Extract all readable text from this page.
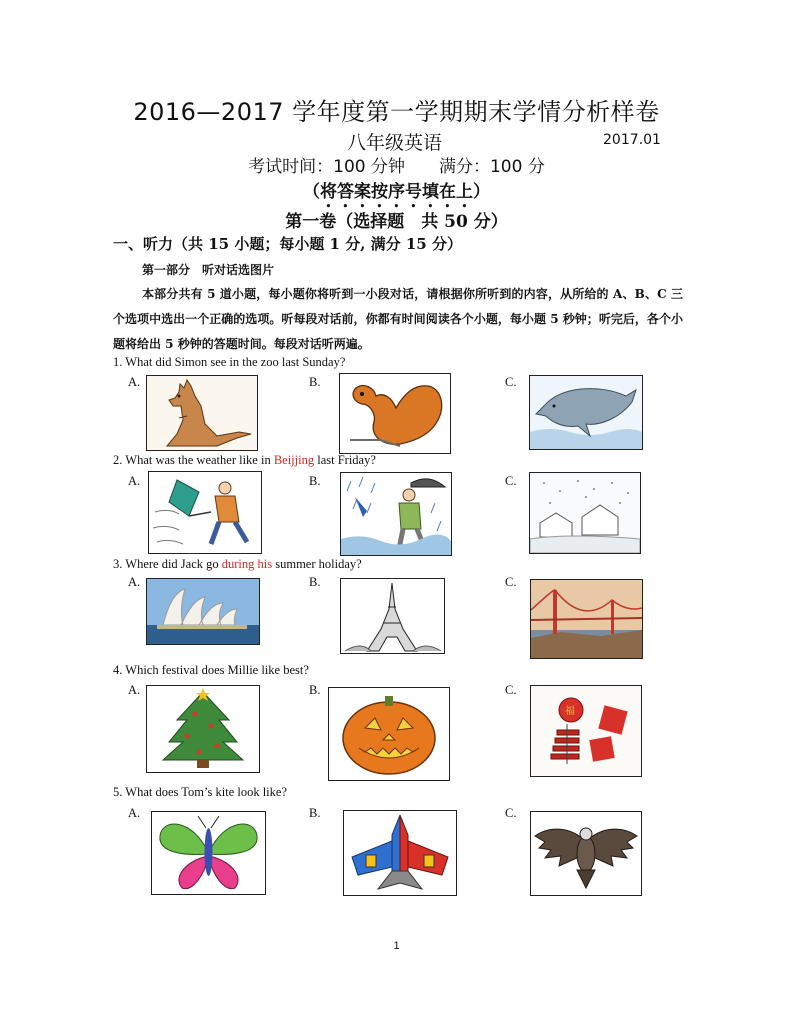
2016—2017 学年度第一学期期末学情分析样卷
八年级英语	2017.01
考试时间：100 分钟　　满分：100 分
（将答案按序号填在上）
第一卷（选择题　共 50 分）
一、听力（共 15 小题；每小题 1 分, 满分 15 分）
第一部分　听对话选图片
本部分共有 5 道小题，每小题你将听到一小段对话，请根据你所听到的内容，从所给的 A、B、C 三个选项中选出一个正确的选项。听每段对话前，你都有时间阅读各个小题，每小题 5 秒钟；听完后，各个小题将给出 5 秒钟的答题时间。每段对话听两遍。
1. What did Simon see in the zoo last Sunday?
A.	B.	C.
2. What was the weather like in Beijjing last Friday?
A.	B.	C.
3. Where did Jack go during his summer holiday?
A.	B.	C.
4. Which festival does Millie like best?
A.	B.	C.
福
5. What does Tom’s kite look like?
A.	B.	C.
1
